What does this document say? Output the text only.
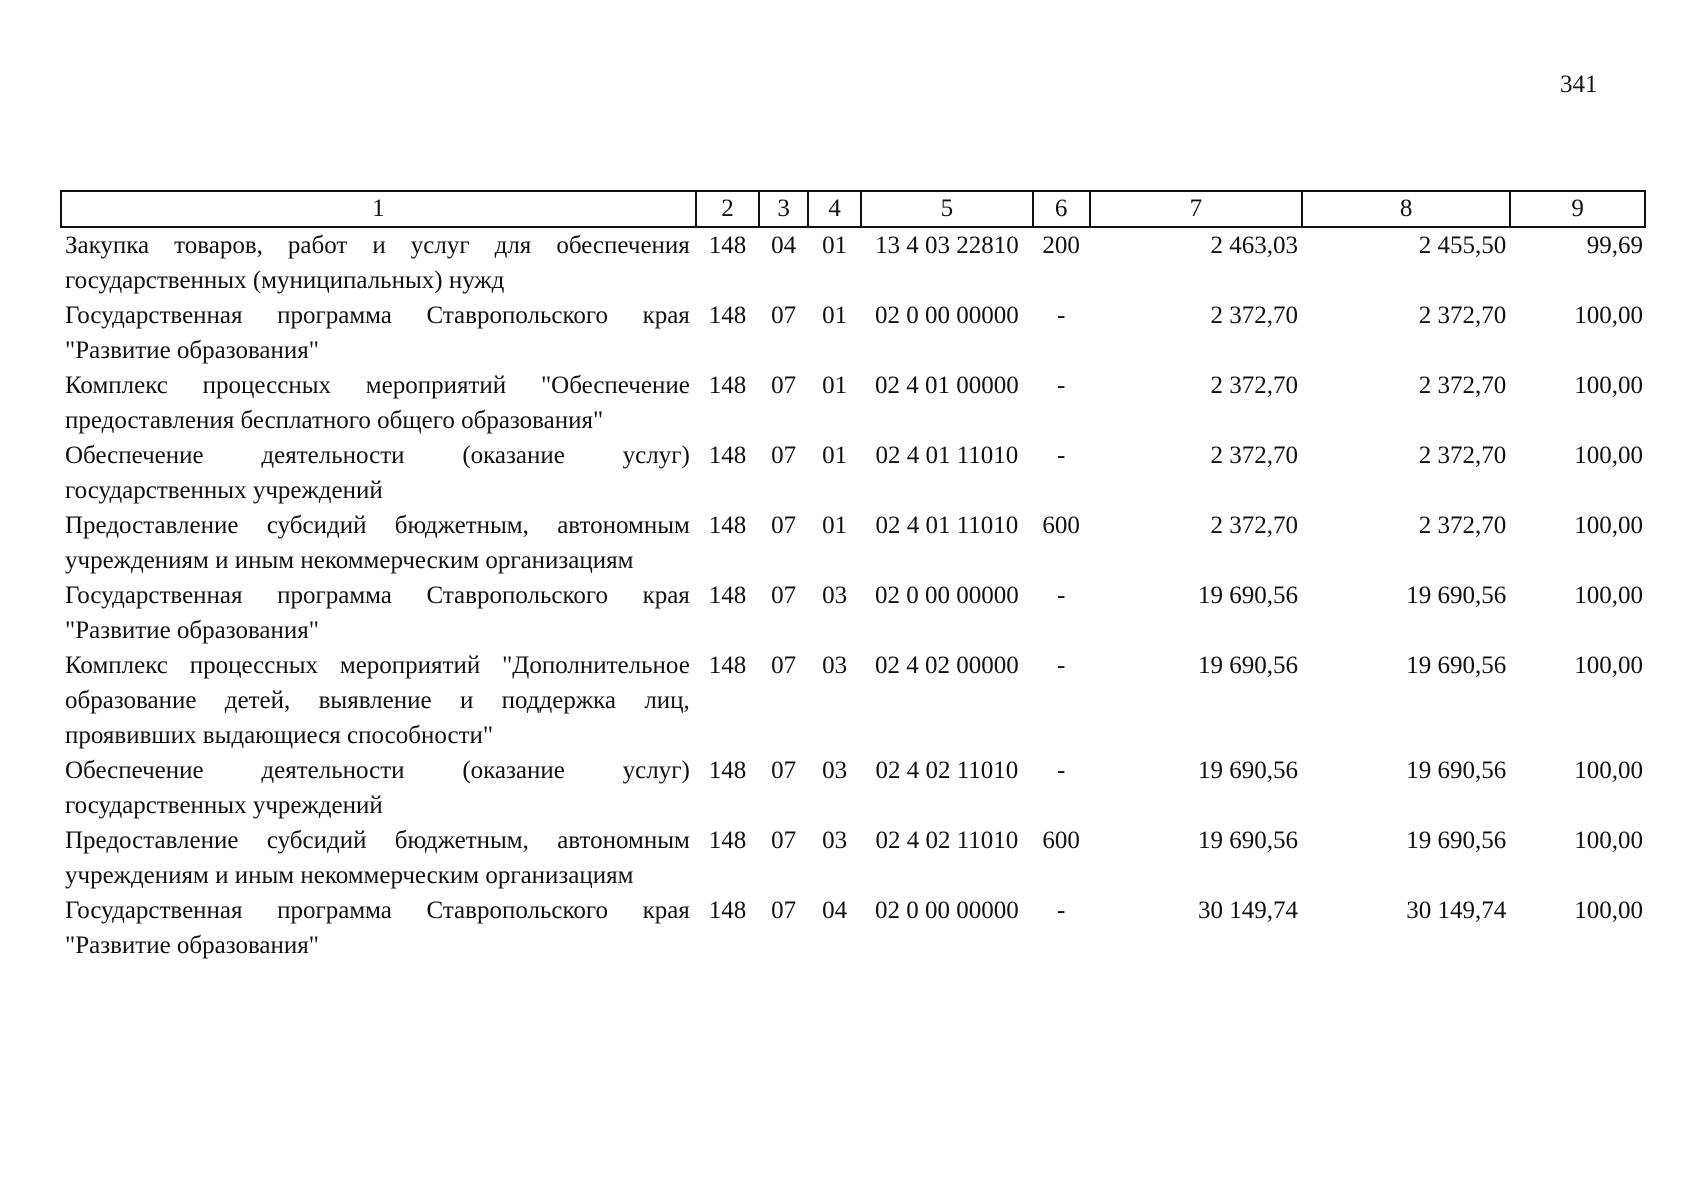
341
1	2	3	4	5	6	7	8	9
Закупка товаров, работ и услуг для обеспечения государственных (муниципальных) нужд	148	04	01	13 4 03 22810	200	2 463,03	2 455,50	99,69
Государственная программа Ставропольского края "Развитие образования"	148	07	01	02 0 00 00000	-	2 372,70	2 372,70	100,00
Комплекс процессных мероприятий "Обеспечение предоставления бесплатного общего образования"	148	07	01	02 4 01 00000	-	2 372,70	2 372,70	100,00
Обеспечение деятельности (оказание услуг) государственных учреждений	148	07	01	02 4 01 11010	-	2 372,70	2 372,70	100,00
Предоставление субсидий бюджетным, автономным учреждениям и иным некоммерческим организациям	148	07	01	02 4 01 11010	600	2 372,70	2 372,70	100,00
Государственная программа Ставропольского края "Развитие образования"	148	07	03	02 0 00 00000	-	19 690,56	19 690,56	100,00
Комплекс процессных мероприятий "Дополнительное образование детей, выявление и поддержка лиц, проявивших выдающиеся способности"	148	07	03	02 4 02 00000	-	19 690,56	19 690,56	100,00
Обеспечение деятельности (оказание услуг) государственных учреждений	148	07	03	02 4 02 11010	-	19 690,56	19 690,56	100,00
Предоставление субсидий бюджетным, автономным учреждениям и иным некоммерческим организациям	148	07	03	02 4 02 11010	600	19 690,56	19 690,56	100,00
Государственная программа Ставропольского края "Развитие образования"	148	07	04	02 0 00 00000	-	30 149,74	30 149,74	100,00
